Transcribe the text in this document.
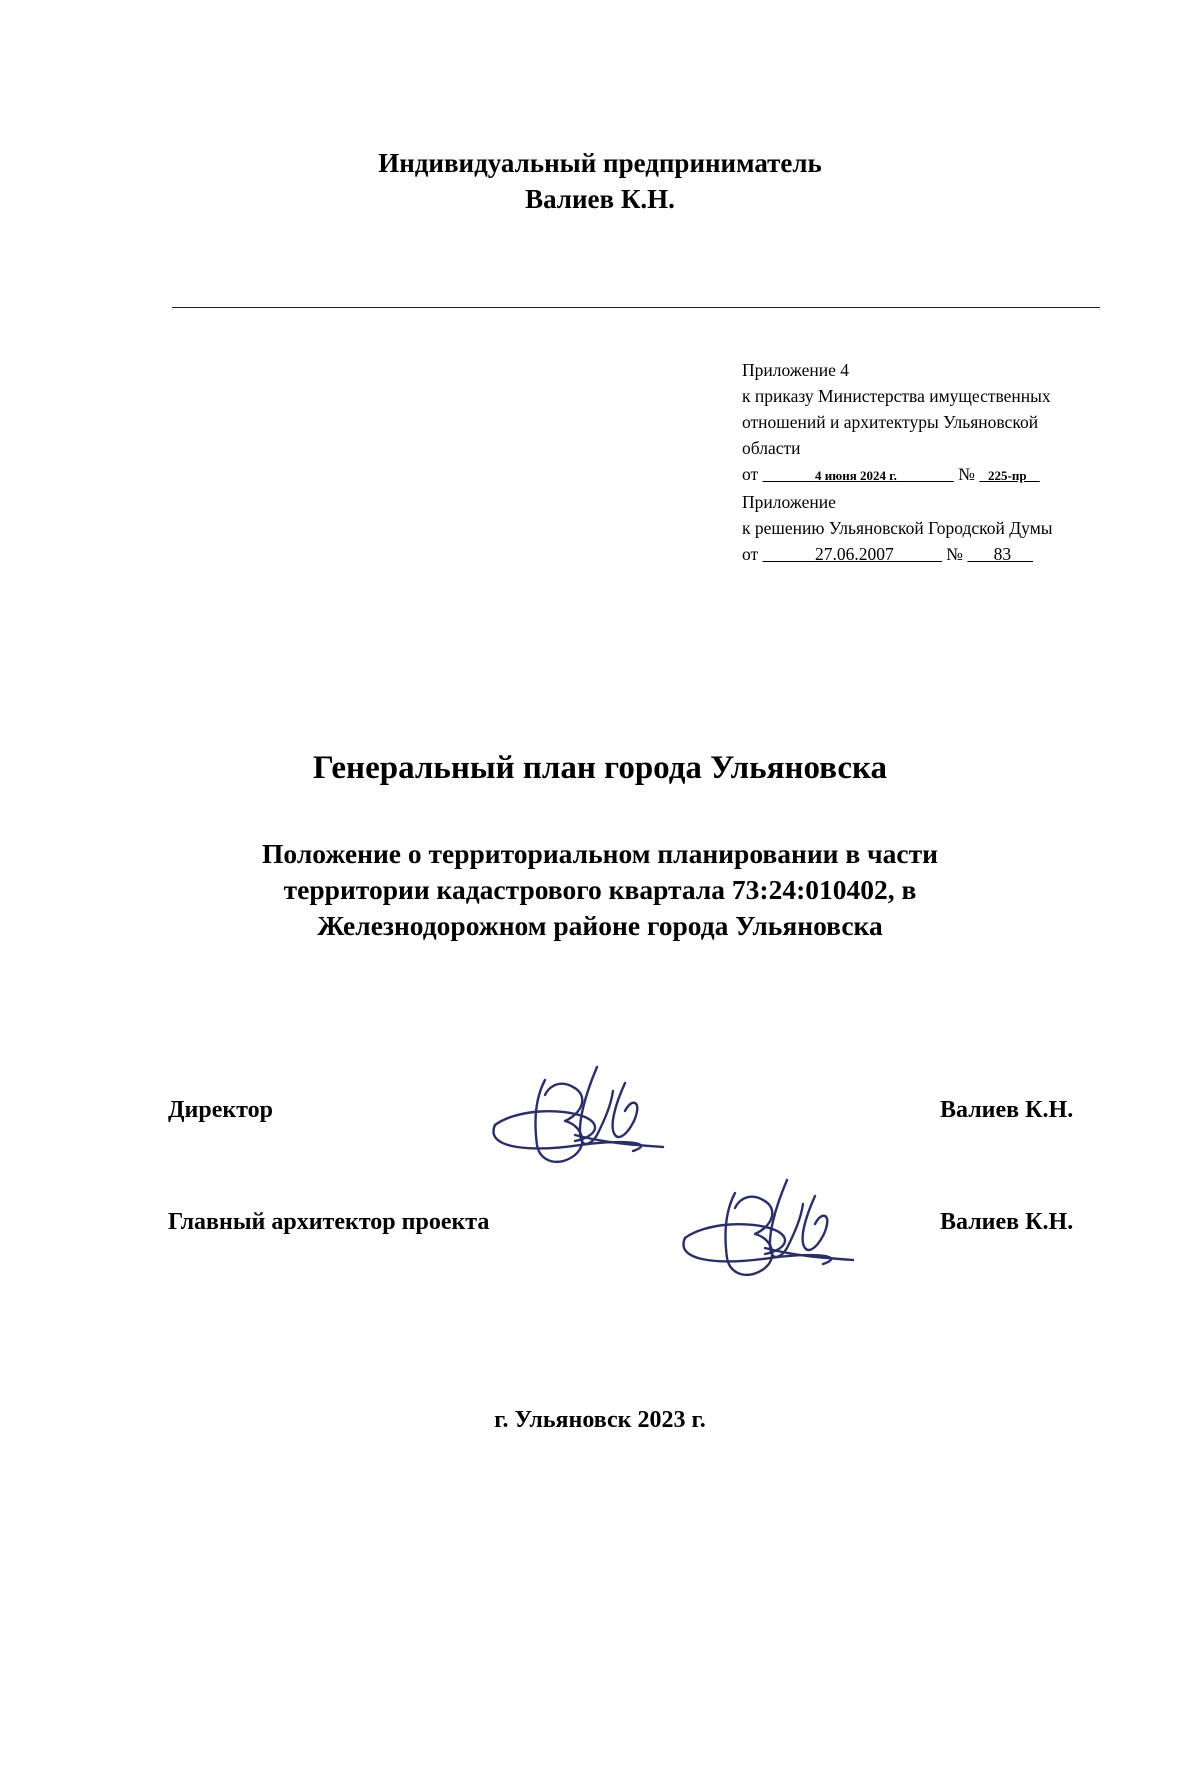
Индивидуальный предприниматель
Валиев К.Н.
Приложение 4
к приказу Министерства имущественных
отношений и архитектуры Ульяновской
области
от	4 июня 2024 г.	№ 225-пр
Приложение
к решению Ульяновской Городской Думы
от	27.06.2007	№ 83
Генеральный план города Ульяновска
Положение о территориальном планировании в части
территории кадастрового квартала 73:24:010402, в
Железнодорожном районе города Ульяновска
Директор	Валиев К.Н.
Главный архитектор проекта	Валиев К.Н.
г. Ульяновск 2023 г.
